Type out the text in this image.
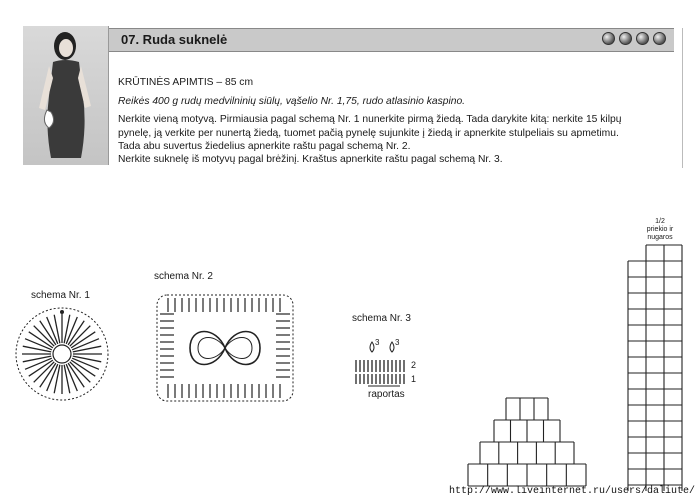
07. Ruda suknelė

KRŪTINĖS APIMTIS – 85 cm

Reikės 400 g rudų medvilninių siūlų, vąšelio Nr. 1,75, rudo atlasinio kaspino.

Nerkite vieną motyvą. Pirmiausia pagal schemą Nr. 1 nunerkite pirmą žiedą. Tada darykite kitą: nerkite 15 kilpų

pynelę, ją verkite per nunertą žiedą, tuomet pačią pynelę sujunkite į žiedą ir apnerkite stulpeliais su apmetimu.

Tada abu suvertus žiedelius apnerkite raštu pagal schemą Nr. 2.

Nerkite suknelę iš motyvų pagal brėžinį. Kraštus apnerkite raštu pagal schemą Nr. 3.

schema Nr. 1
schema Nr. 2
schema Nr. 3
3 3
2
1
raportas
1/2
priekio ir
nugaros
http://www.liveinternet.ru/users/daliute/
